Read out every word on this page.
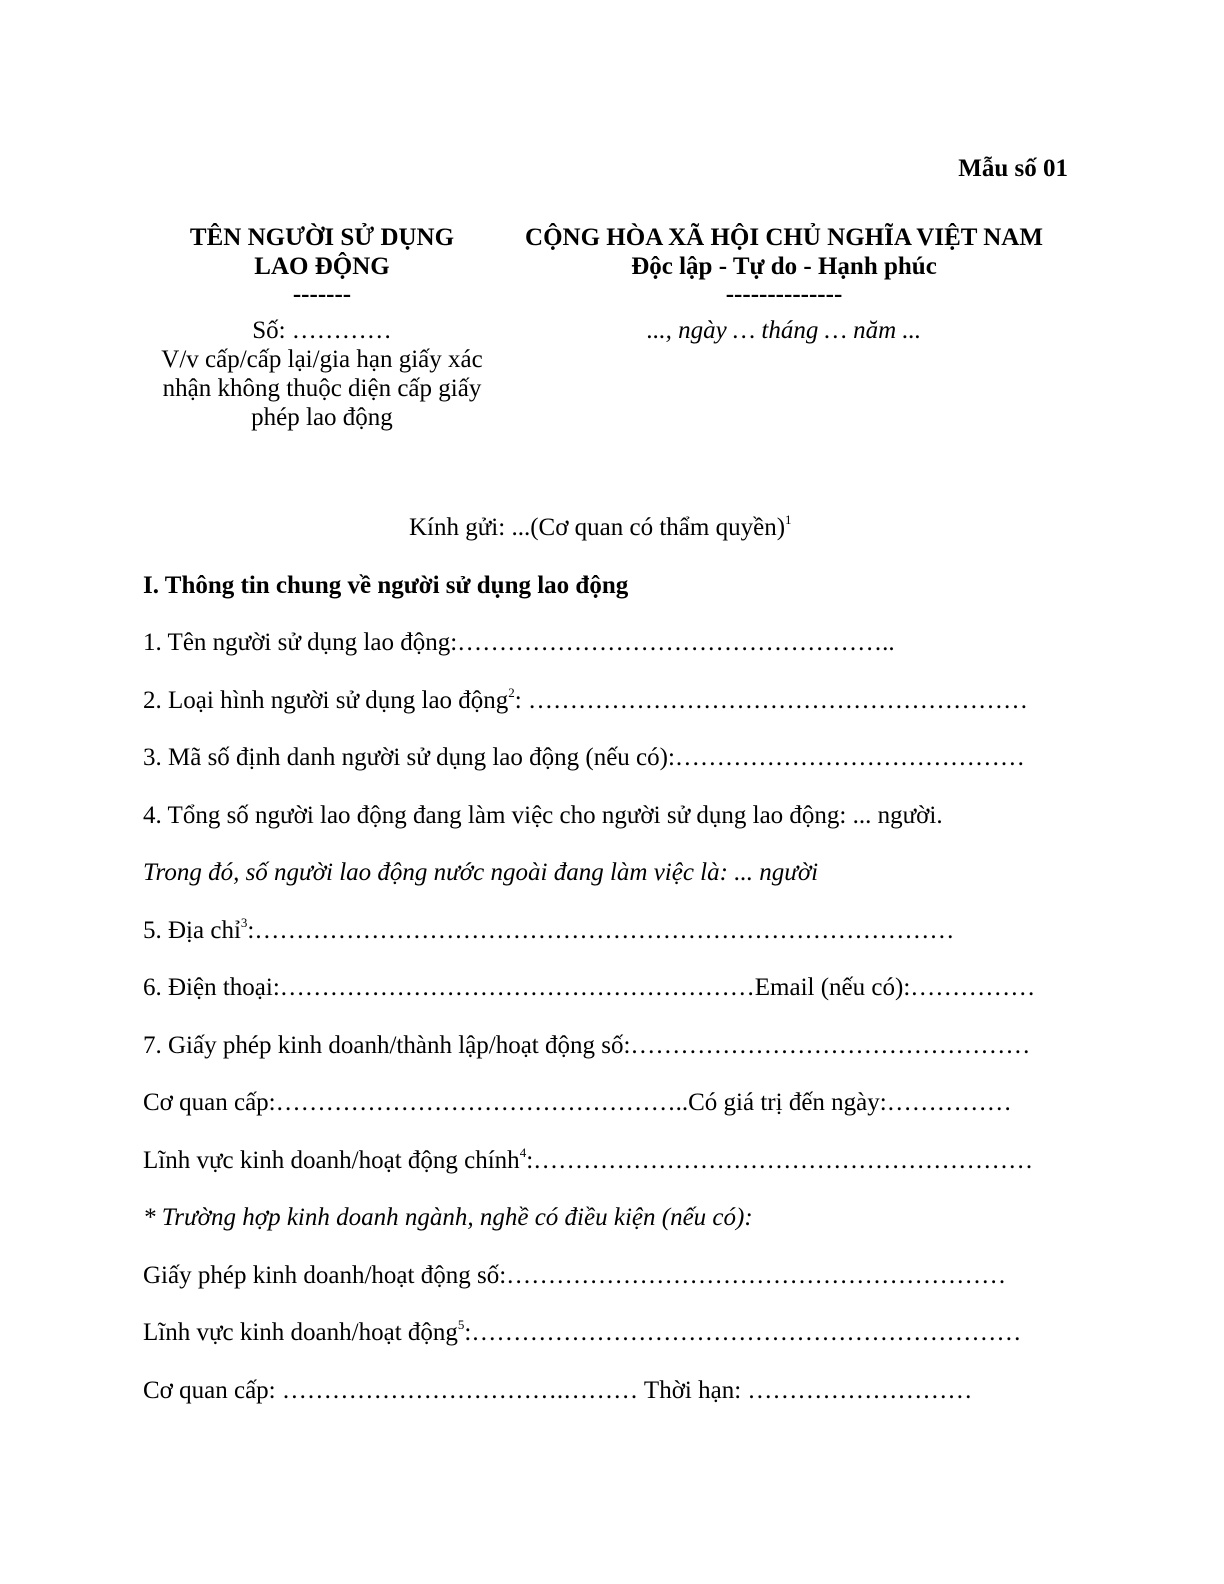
Mẫu số 01
TÊN NGƯỜI SỬ DỤNG
LAO ĐỘNG
-------
Số: …………
V/v cấp/cấp lại/gia hạn giấy xác
nhận không thuộc diện cấp giấy
phép lao động
CỘNG HÒA XÃ HỘI CHỦ NGHĨA VIỆT NAM
Độc lập - Tự do - Hạnh phúc
--------------
..., ngày … tháng … năm ...
Kính gửi: ...(Cơ quan có thẩm quyền)$^1$
I. Thông tin chung về người sử dụng lao động
1. Tên người sử dụng lao động:……………………………………………..
2. Loại hình người sử dụng lao động$^2$: ……………………………………………………
3. Mã số định danh người sử dụng lao động (nếu có):……………………………………
4. Tổng số người lao động đang làm việc cho người sử dụng lao động: ... người.
Trong đó, số người lao động nước ngoài đang làm việc là: ... người
5. Địa chỉ$^3$:…………………………………………………………………………
6. Điện thoại:…………………………………………………Email (nếu có):……………
7. Giấy phép kinh doanh/thành lập/hoạt động số:…………………………………………
Cơ quan cấp:…………………………………………..Có giá trị đến ngày:……………
Lĩnh vực kinh doanh/hoạt động chính$^4$:……………………………………………………
* Trường hợp kinh doanh ngành, nghề có điều kiện (nếu có):
Giấy phép kinh doanh/hoạt động số:……………………………………………………
Lĩnh vực kinh doanh/hoạt động$^5$:…………………………………………………………
Cơ quan cấp: …………………………….……… Thời hạn: ………………………
